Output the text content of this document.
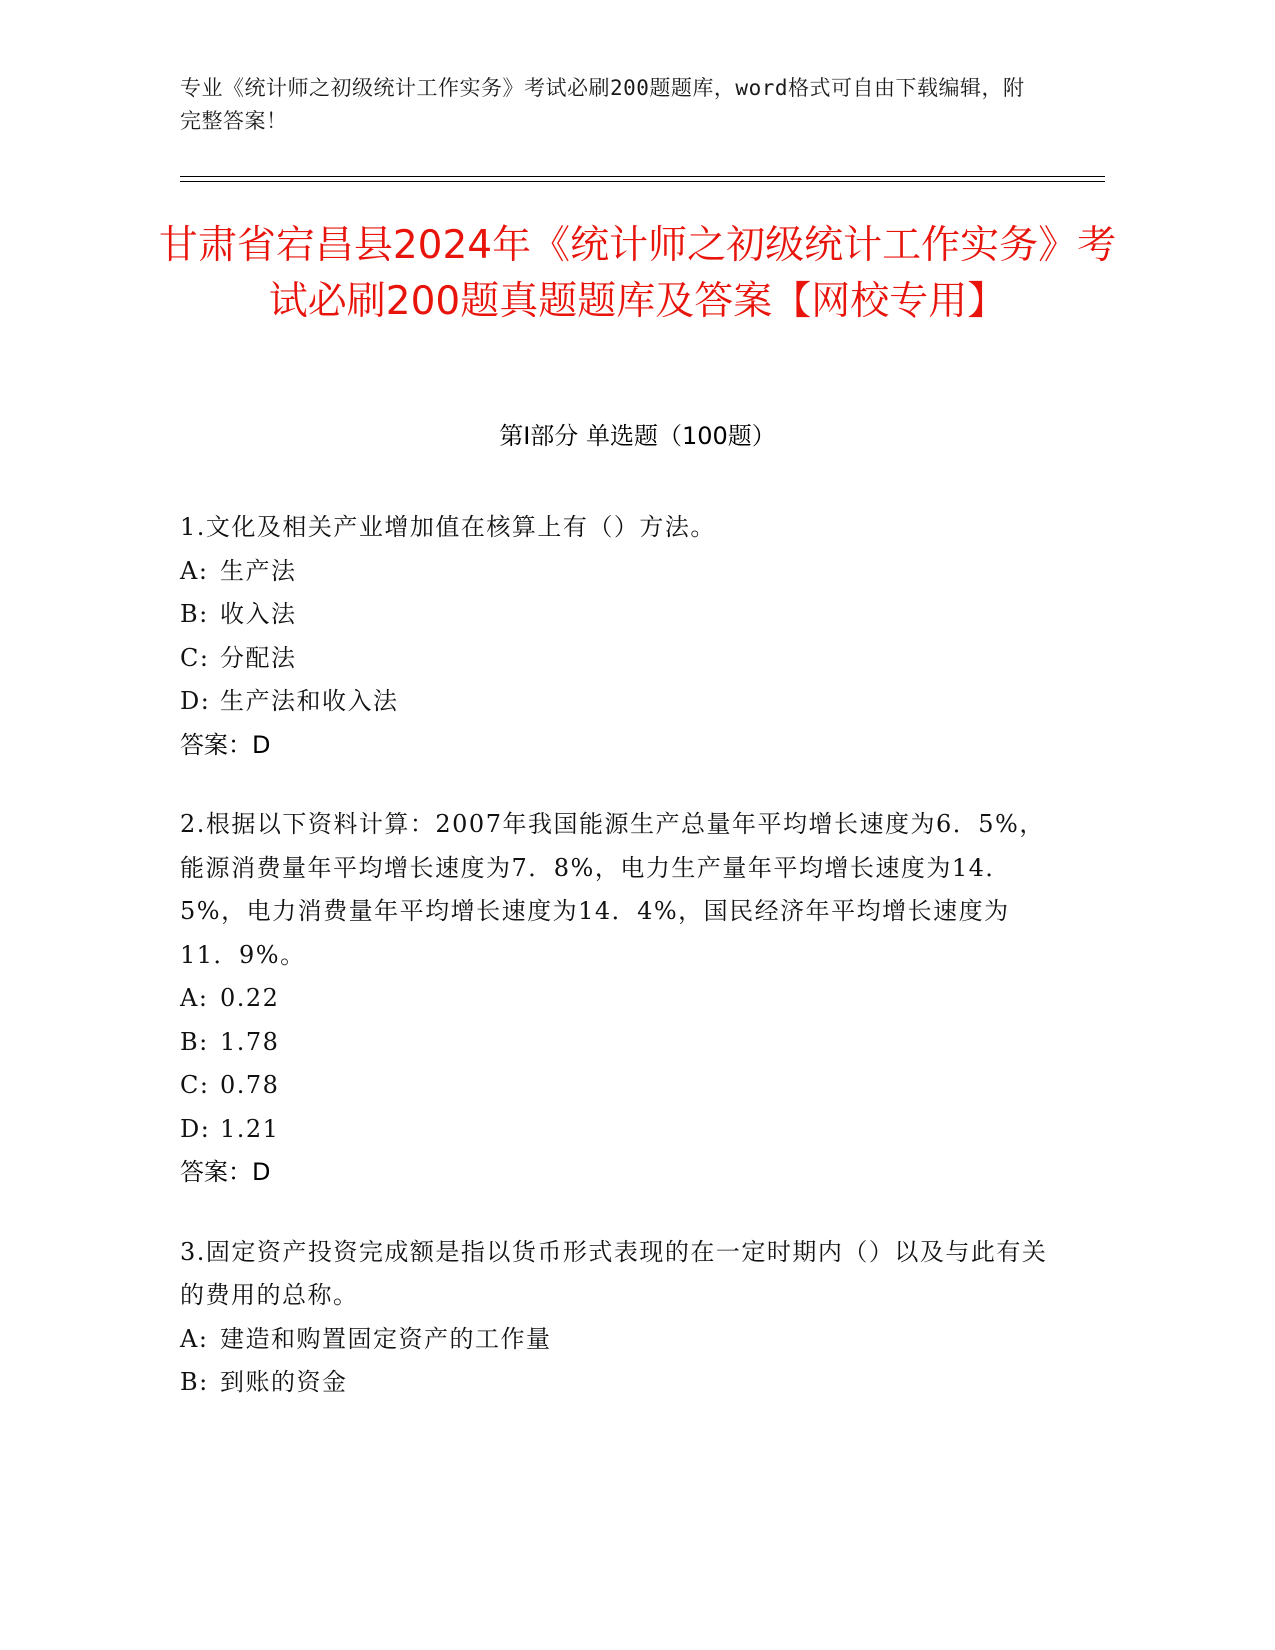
专业《统计师之初级统计工作实务》考试必刷200题题库，word格式可自由下载编辑，附完整答案！
甘肃省宕昌县2024年《统计师之初级统计工作实务》考试必刷200题真题题库及答案【网校专用】
第Ⅰ部分 单选题（100题）
1.文化及相关产业增加值在核算上有（）方法。
A: 生产法
B: 收入法
C: 分配法
D: 生产法和收入法
答案：D
2.根据以下资料计算：2007年我国能源生产总量年平均增长速度为6．5%，能源消费量年平均增长速度为7．8%，电力生产量年平均增长速度为14．5%，电力消费量年平均增长速度为14．4%，国民经济年平均增长速度为11．9%。
A: 0.22
B: 1.78
C: 0.78
D: 1.21
答案：D
3.固定资产投资完成额是指以货币形式表现的在一定时期内（）以及与此有关的费用的总称。
A: 建造和购置固定资产的工作量
B: 到账的资金
